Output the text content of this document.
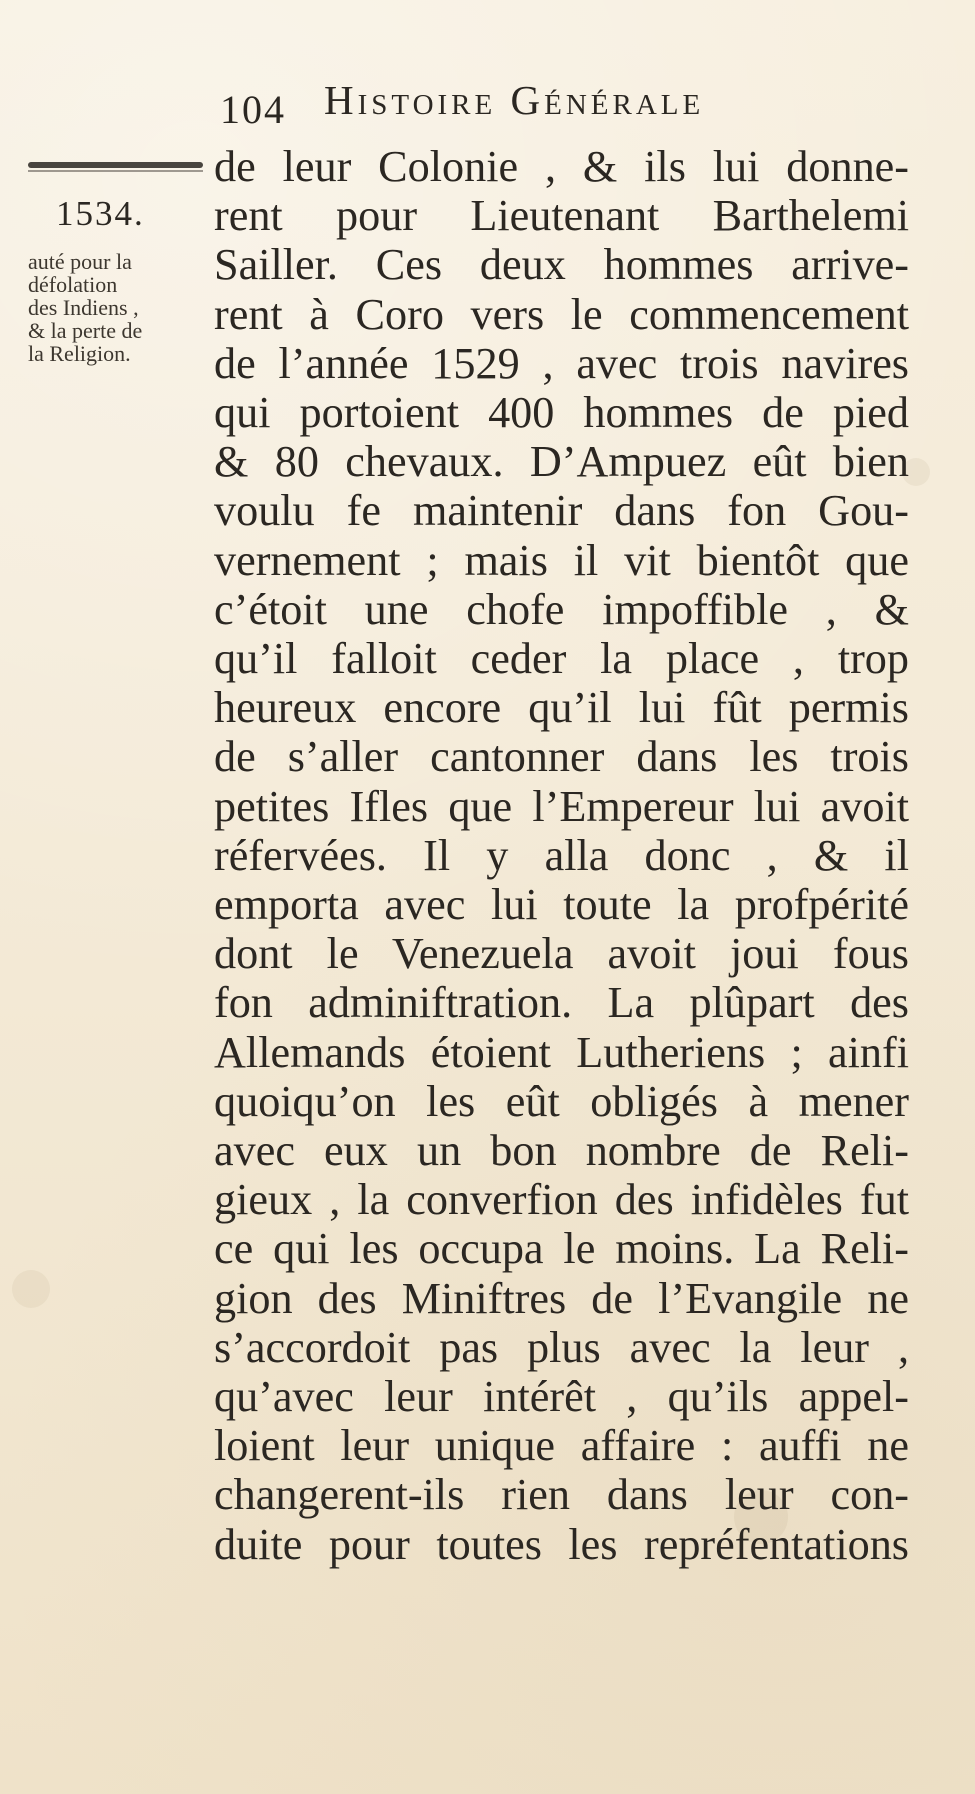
104 Histoire Générale
1534.
auté pour la
défolation
des Indiens ,
& la perte de
la Religion.
de leur Colonie , & ils lui donne-
rent pour Lieutenant Barthelemi
Sailler. Ces deux hommes arrive-
rent à Coro vers le commencement
de l’année 1529 , avec trois navires
qui portoient 400 hommes de pied
& 80 chevaux. D’Ampuez eût bien
voulu fe maintenir dans fon Gou-
vernement ; mais il vit bientôt que
c’étoit une chofe impoffible , &
qu’il falloit ceder la place , trop
heureux encore qu’il lui fût permis
de s’aller cantonner dans les trois
petites Ifles que l’Empereur lui avoit
réfervées. Il y alla donc , & il
emporta avec lui toute la profpérité
dont le Venezuela avoit joui fous
fon adminiftration. La plûpart des
Allemands étoient Lutheriens ; ainfi
quoiqu’on les eût obligés à mener
avec eux un bon nombre de Reli-
gieux , la converfion des infidèles fut
ce qui les occupa le moins. La Reli-
gion des Miniftres de l’Evangile ne
s’accordoit pas plus avec la leur ,
qu’avec leur intérêt , qu’ils appel-
loient leur unique affaire : auffi ne
changerent-ils rien dans leur con-
duite pour toutes les repréfentations
